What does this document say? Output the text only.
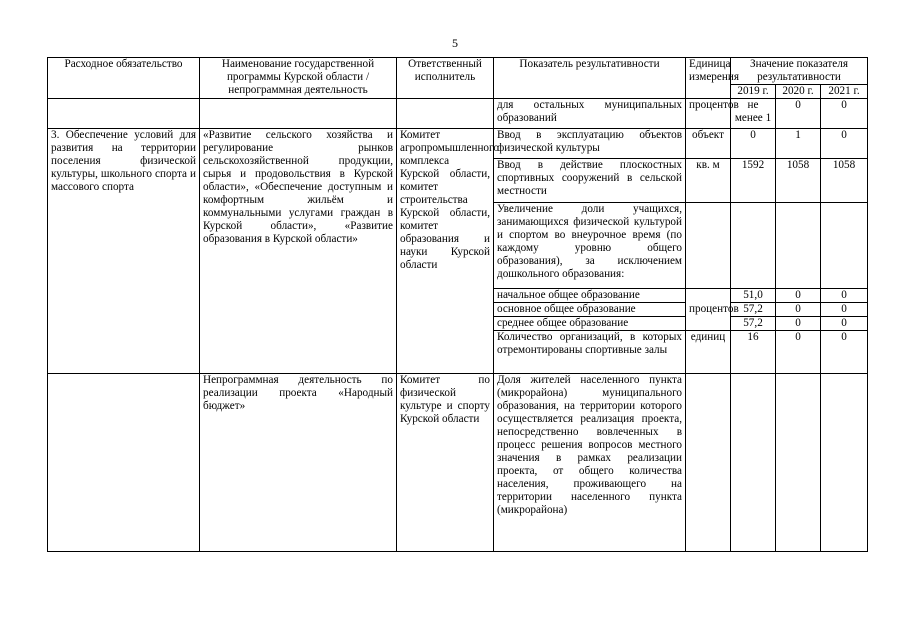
5
Расходное обязательство	Наименование государственной программы Курской области / непрограммная деятельность	Ответственный исполнитель	Показатель результативности	Единица измерения	Значение показателя результативности		
					2019 г.	2020 г.	2021 г.
			для остальных муниципальных образований	процентов	не менее 1	0	0
3. Обеспечение условий для развития на территории поселения физической культуры, школьного спорта и массового спорта	«Развитие сельского хозяйства и регулирование рынков сельскохозяйственной продукции, сырья и продовольствия в Курской области», «Обеспечение доступным и комфортным жильём и коммунальными услугами граждан в Курской области», «Развитие образования в Курской области»	Комитет агропромышленного комплекса Курской области, комитет строительства Курской области, комитет образования и науки Курской области	Ввод в эксплуатацию объектов физической культуры	объект	0	1	0
			Ввод в действие плоскостных спортивных сооружений в сельской местности	кв. м	1592	1058	1058
			Увеличение доли учащихся, занимающихся физической культурой и спортом во внеурочное время (по каждому уровню общего образования), за исключением дошкольного образования:				
			начальное общее образование	процентов	51,0	0	0
			основное общее образование		57,2	0	0
			среднее общее образование		57,2	0	0
			Количество организаций, в которых отремонтированы спортивные залы	единиц	16	0	0
	Непрограммная деятельность по реализации проекта «Народный бюджет»	Комитет по физической культуре и спорту Курской области	Доля жителей населенного пункта (микрорайона) муниципального образования, на территории которого осуществляется реализация проекта, непосредственно вовлеченных в процесс решения вопросов местного значения в рамках реализации проекта, от общего количества населения, проживающего на территории населенного пункта (микрорайона)				
